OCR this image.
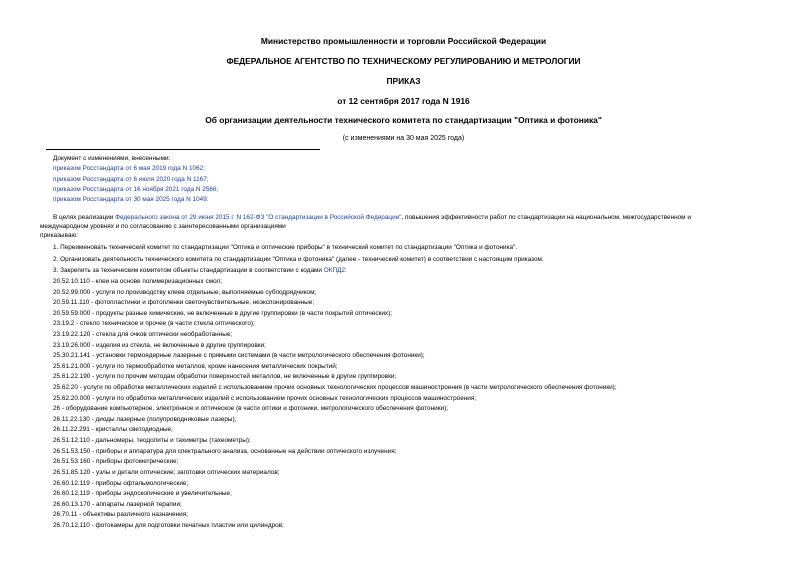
Министерство промышленности и торговли Российской Федерации
ФЕДЕРАЛЬНОЕ АГЕНТСТВО ПО ТЕХНИЧЕСКОМУ РЕГУЛИРОВАНИЮ И МЕТРОЛОГИИ
ПРИКАЗ
от 12 сентября 2017 года N 1916
Об организации деятельности технического комитета по стандартизации "Оптика и фотоника"
(с изменениями на 30 мая 2025 года)
Документ с изменениями, внесенными:
приказом Росстандарта от 6 мая 2019 года N 1062;
приказом Росстандарта от 6 июля 2020 года N 1167;
приказом Росстандарта от 16 ноября 2021 года N 2566;
приказом Росстандарта от 30 мая 2025 года N 1049.
В целях реализации Федерального закона от 29 июня 2015 г. N 162-ФЗ "О стандартизации в Российской Федерации", повышения эффективности работ по стандартизации на национальном, межгосударственном и
международном уровнях и по согласованию с заинтересованными организациями
приказываю:
1. Переименовать технический комитет по стандартизации "Оптика и оптические приборы" в технический комитет по стандартизации "Оптика и фотоника".
2. Организовать деятельность технического комитета по стандартизации "Оптика и фотоника" (далее - технический комитет) в соответствии с настоящим приказом.
3. Закрепить за техническим комитетом объекты стандартизации в соответствии с кодами ОКПД2:
20.52.10.110 - клеи на основе полимеризационных смол;
20.52.99.000 - услуги по производству клеев отдельные, выполняемые субподрядчиком;
20.59.11.110 - фотопластинки и фотопленки светочувствительные, неэкспонированные;
20.59.59.000 - продукты разные химические, не включенные в другие группировки (в части покрытий оптических);
23.19.2 - стекло техническое и прочее (в части стекла оптического);
23.19.22.120 - стекла для очков оптически необработанные;
23.19.26.000 - изделия из стекла, не включенные в другие группировки;
25.30.21.141 - установки термоядерные лазерные с прямыми системами (в части метрологического обеспечения фотоники);
25.61.21.000 - услуги по термообработке металлов, кроме нанесения металлических покрытий;
25.61.22.190 - услуги по прочим методам обработки поверхностей металлов, не включенные в другие группировки;
25.62.20 - услуги по обработке металлических изделий с использованием прочих основных технологических процессов машиностроения (в части метрологического обеспечения фотоники);
25.62.20.000 - услуги по обработке металлических изделий с использованием прочих основных технологических процессов машиностроения;
26 - оборудование компьютерное, электронное и оптическое (в части оптики и фотоники, метрологического обеспечения фотоники);
26.11.22.130 - диоды лазерные (полупроводниковые лазеры);
26.11.22.291 - кристаллы светодиодные;
26.51.12.110 - дальномеры, теодолиты и тахиметры (тахеометры);
26.51.53.150 - приборы и аппаратура для спектрального анализа, основанные на действии оптического излучения;
26.51.53.160 - приборы фотометрические;
26.51.85.120 - узлы и детали оптические; заготовки оптических материалов;
26.60.12.119 - приборы офтальмологические;
26.60.12.119 - приборы эндоскопические и увеличительные;
26.60.13.170 - аппараты лазерной терапии;
26.70.11 - объективы различного назначения;
26.70.12.110 - фотокамеры для подготовки печатных пластин или цилиндров;
